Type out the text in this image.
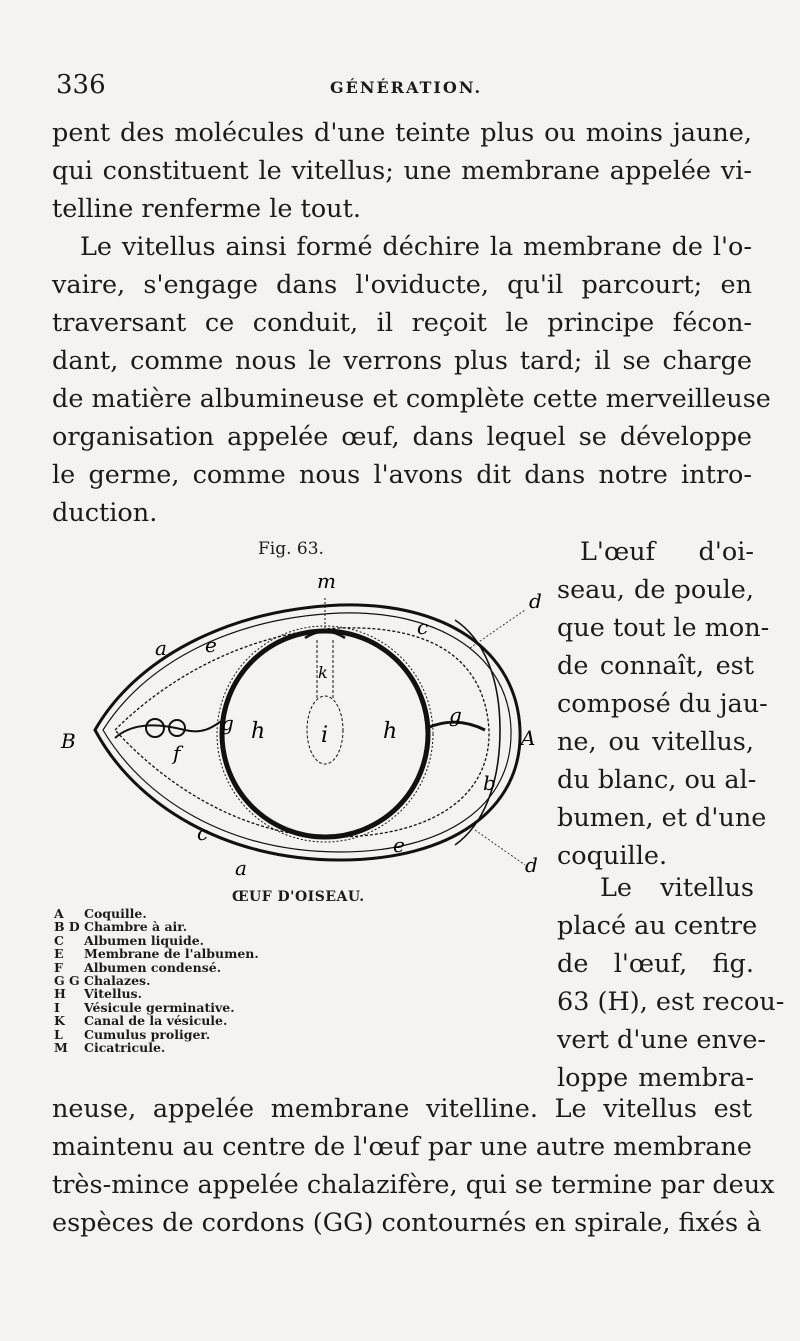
336	GÉNÉRATION.
pent des molécules d'une teinte plus ou moins jaune,
qui constituent le vitellus; une membrane appelée vi-
telline renferme le tout.
Le vitellus ainsi formé déchire la membrane de l'o-
vaire, s'engage dans l'oviducte, qu'il parcourt; en
traversant ce conduit, il reçoit le principe fécon-
dant, comme nous le verrons plus tard; il se charge
de matière albumineuse et complète cette merveilleuse
organisation appelée œuf, dans lequel se développe
le germe, comme nous l'avons dit dans notre intro-
duction.
Fig. 63.
m
d
d
a
a
e
e
c
c
B	A
b
g	g
f
h	h
i
k
ŒUF D'OISEAU.
A Coquille.
B D Chambre à air.
C Albumen liquide.
E Membrane de l'albumen.
F Albumen condensé.
G G Chalazes.
H Vitellus.
I Vésicule germinative.
K Canal de la vésicule.
L Cumulus proliger.
M Cicatricule.
L'œuf d'oi-
seau, de poule,
que tout le mon-
de connaît, est
composé du jau-
ne, ou vitellus,
du blanc, ou al-
bumen, et d'une
coquille.
Le vitellus
placé au centre
de l'œuf, fig.
63 (H), est recou-
vert d'une enve-
loppe membra-
neuse, appelée membrane vitelline. Le vitellus est
maintenu au centre de l'œuf par une autre membrane
très-mince appelée chalazifère, qui se termine par deux
espèces de cordons (GG) contournés en spirale, fixés à
